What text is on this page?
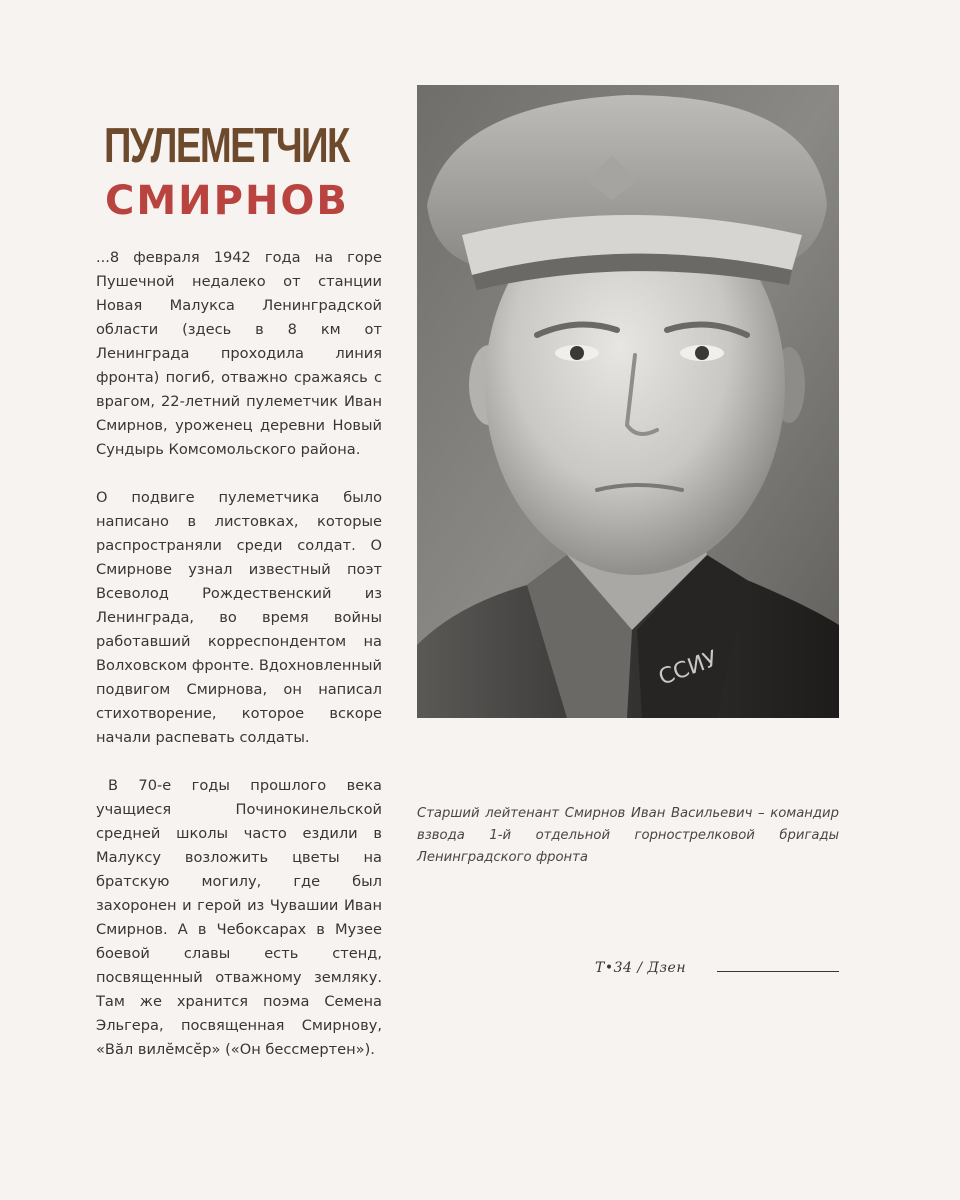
ПУЛЕМЕТЧИК
СМИРНОВ

...8 февраля 1942 года на горе Пушечной недалеко от станции Новая Малукса Ленинградской области (здесь в 8 км от Ленинграда проходила линия фронта) погиб, отважно сражаясь с врагом, 22-летний пулеметчик Иван Смирнов, уроженец деревни Новый Сундырь Комсомольского района.

О подвиге пулеметчика было написано в листовках, которые распространяли среди солдат. О Смирнове узнал известный поэт Всеволод Рождественский из Ленинграда, во время войны работавший корреспондентом на Волховском фронте. Вдохновленный подвигом Смирнова, он написал стихотворение, которое вскоре начали распевать солдаты.

В 70-е годы прошлого века учащиеся Починокинельской средней школы часто ездили в Малуксу возложить цветы на братскую могилу, где был захоронен и герой из Чувашии Иван Смирнов. А в Чебоксарах в Музее боевой славы есть стенд, посвященный отважному земляку. Там же хранится поэма Семена Эльгера, посвященная Смирнову, «Вăл вилĕмсĕр» («Он бессмертен»).

ССИУ
Старший лейтенант Смирнов Иван Васильевич – командир взвода 1-й отдельной горнострелковой бригады Ленинградского фронта
Т•34 / Дзен
